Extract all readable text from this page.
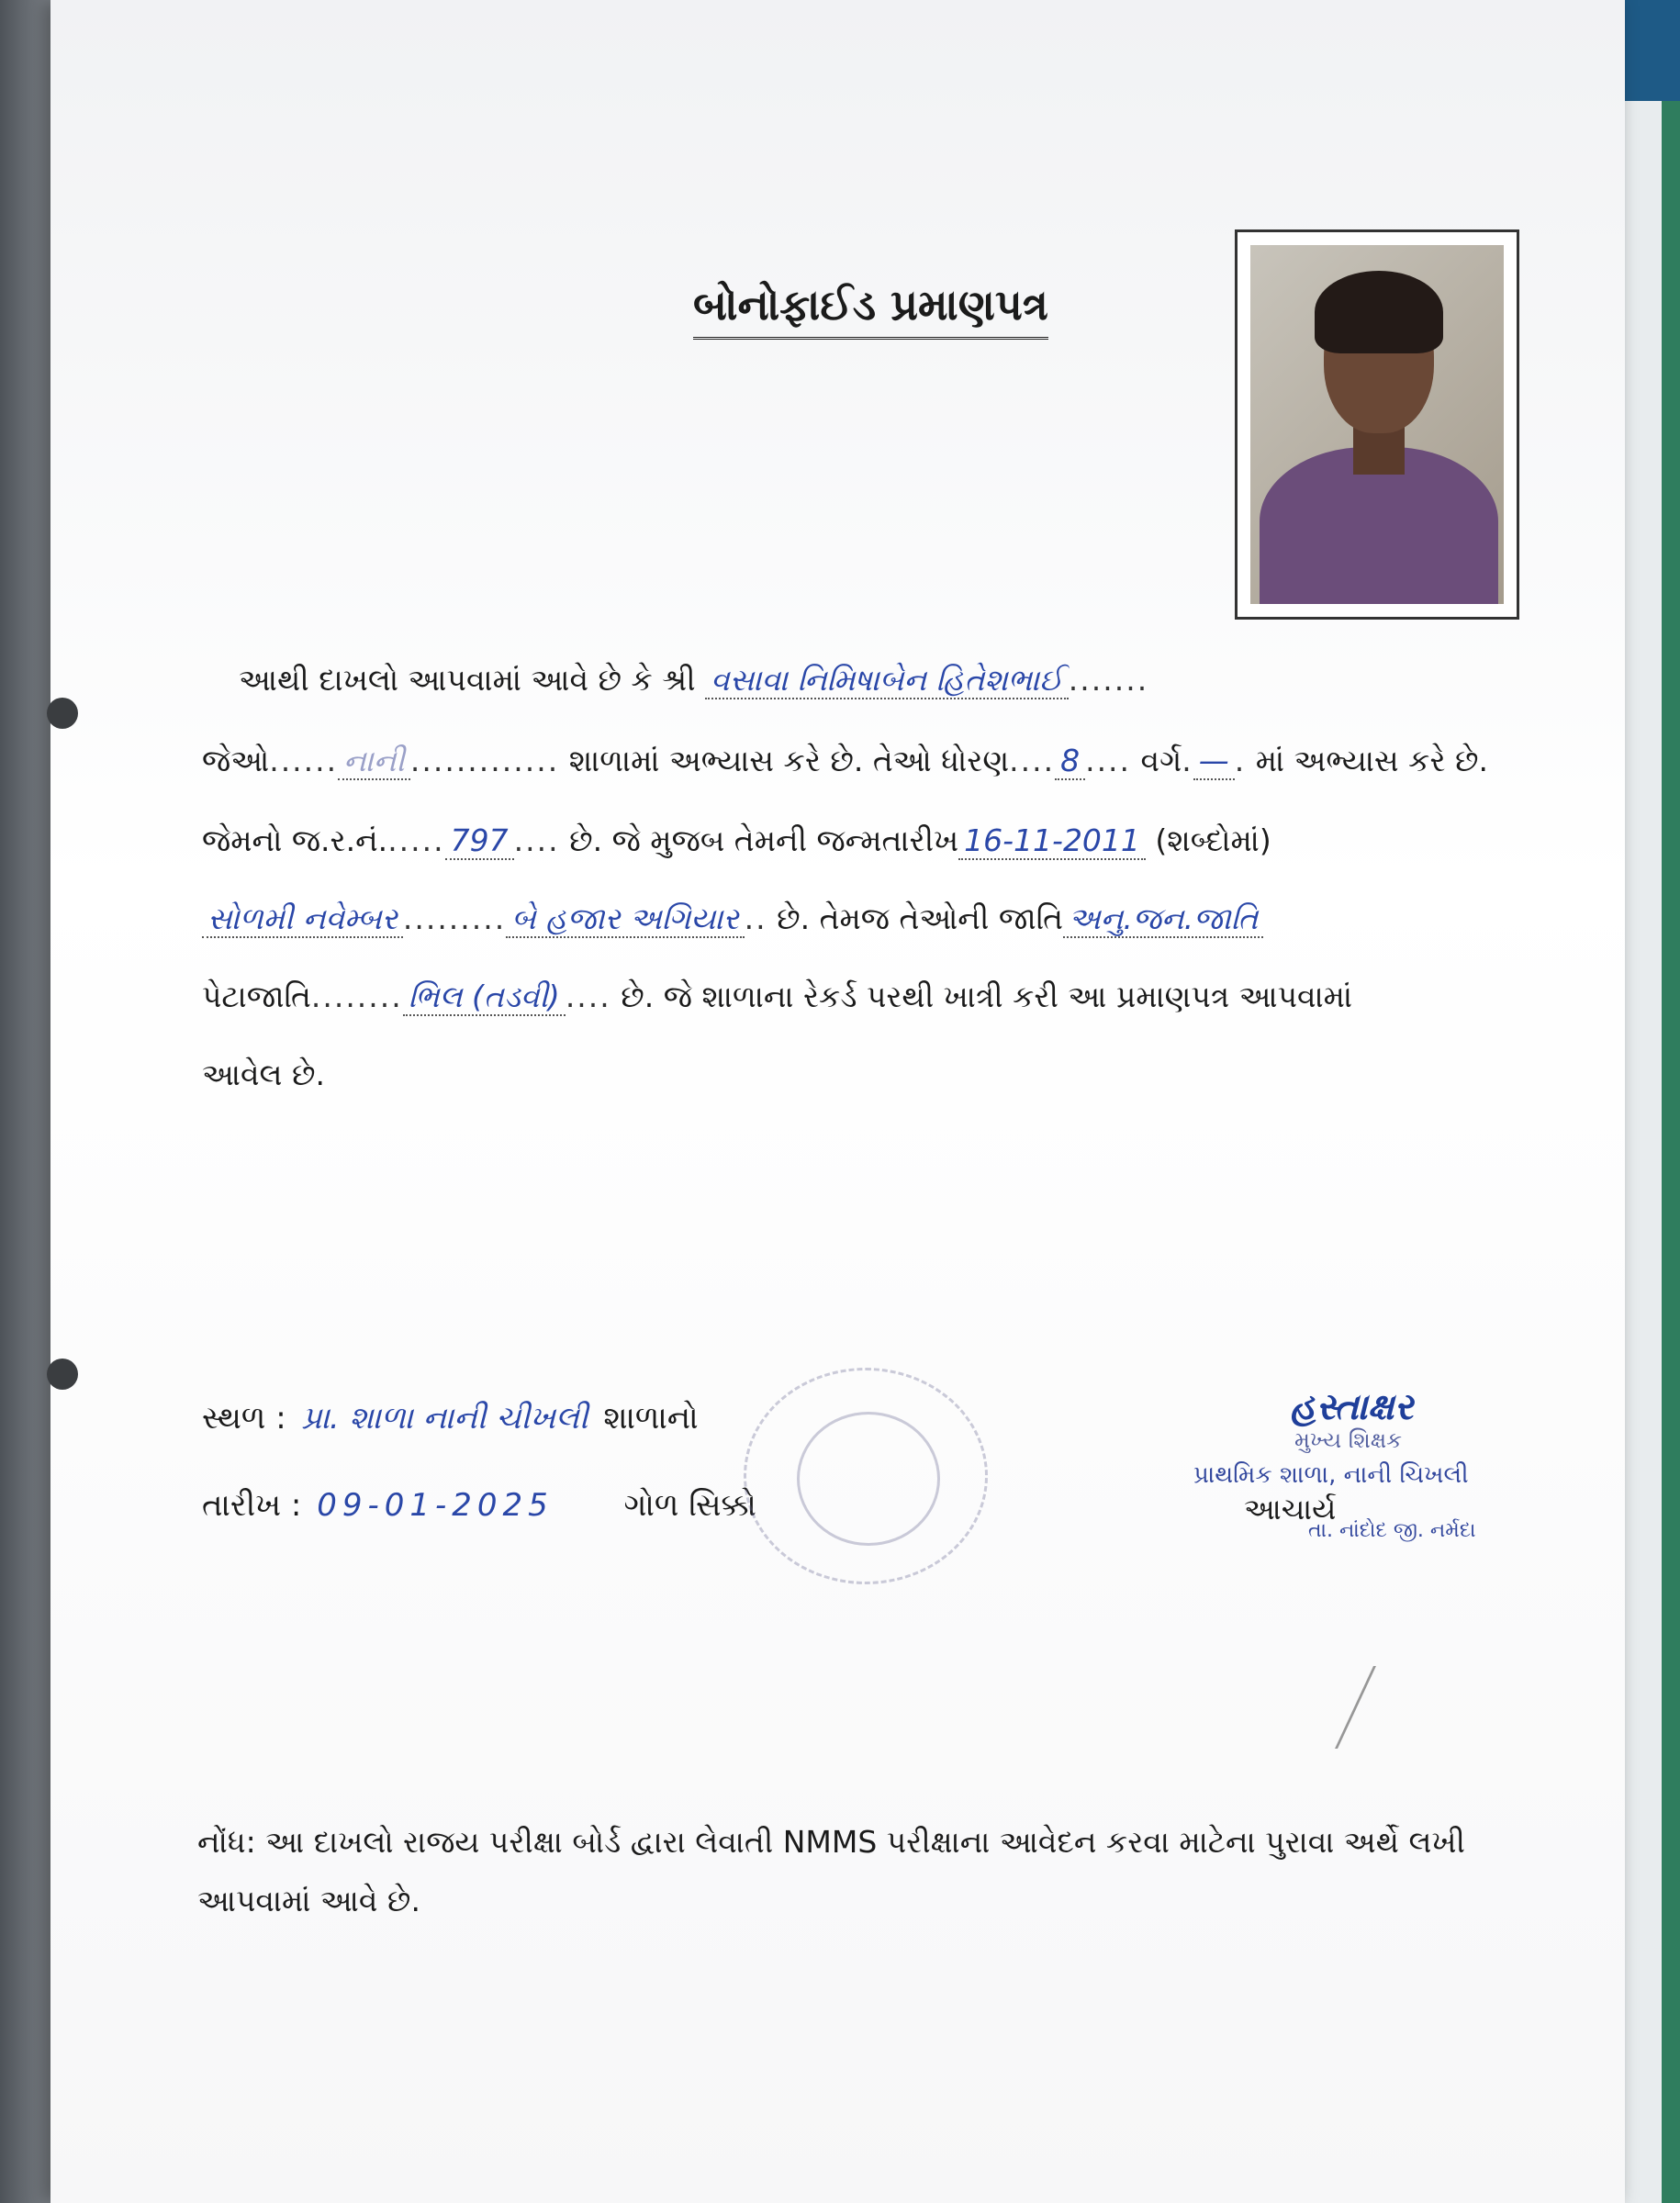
બોનોફાઈડ પ્રમાણપત્ર
આથી દાખલો આપવામાં આવે છે કે શ્રી વસાવા નિમિષાબેન હિતેશભાઈ .......
જેઓ...... નાની ............. શાળામાં અભ્યાસ કરે છે. તેઓ ધોરણ.... 8 .... વર્ગ. — . માં અભ્યાસ કરે છે.
જેમનો જ.ર.નં...... 797 .... છે. જે મુજબ તેમની જન્મતારીખ 16-11-2011 (શબ્દોમાં)
સોળમી નવેમ્બર ......... બે હજાર અગિયાર .. છે. તેમજ તેઓની જાતિ અનુ.જન.જાતિ
પેટાજાતિ........ ભિલ (તડવી) .... છે. જે શાળાના રેકર્ડ પરથી ખાત્રી કરી આ પ્રમાણપત્ર આપવામાં
આવેલ છે.
સ્થળ : પ્રા. શાળા નાની ચીખલી શાળાનો
તારીખ : 09-01-2025 ગોળ સિક્કો
હસ્તાક્ષર
મુખ્ય શિક્ષક
પ્રાથમિક શાળા, નાની ચિખલી
તા. નાંદોદ જી. નર્મદા
આચાર્ય
નોંધ: આ દાખલો રાજય પરીક્ષા બોર્ડ દ્વારા લેવાતી NMMS પરીક્ષાના આવેદન કરવા માટેના પુરાવા અર્થે લખી આપવામાં આવે છે.
